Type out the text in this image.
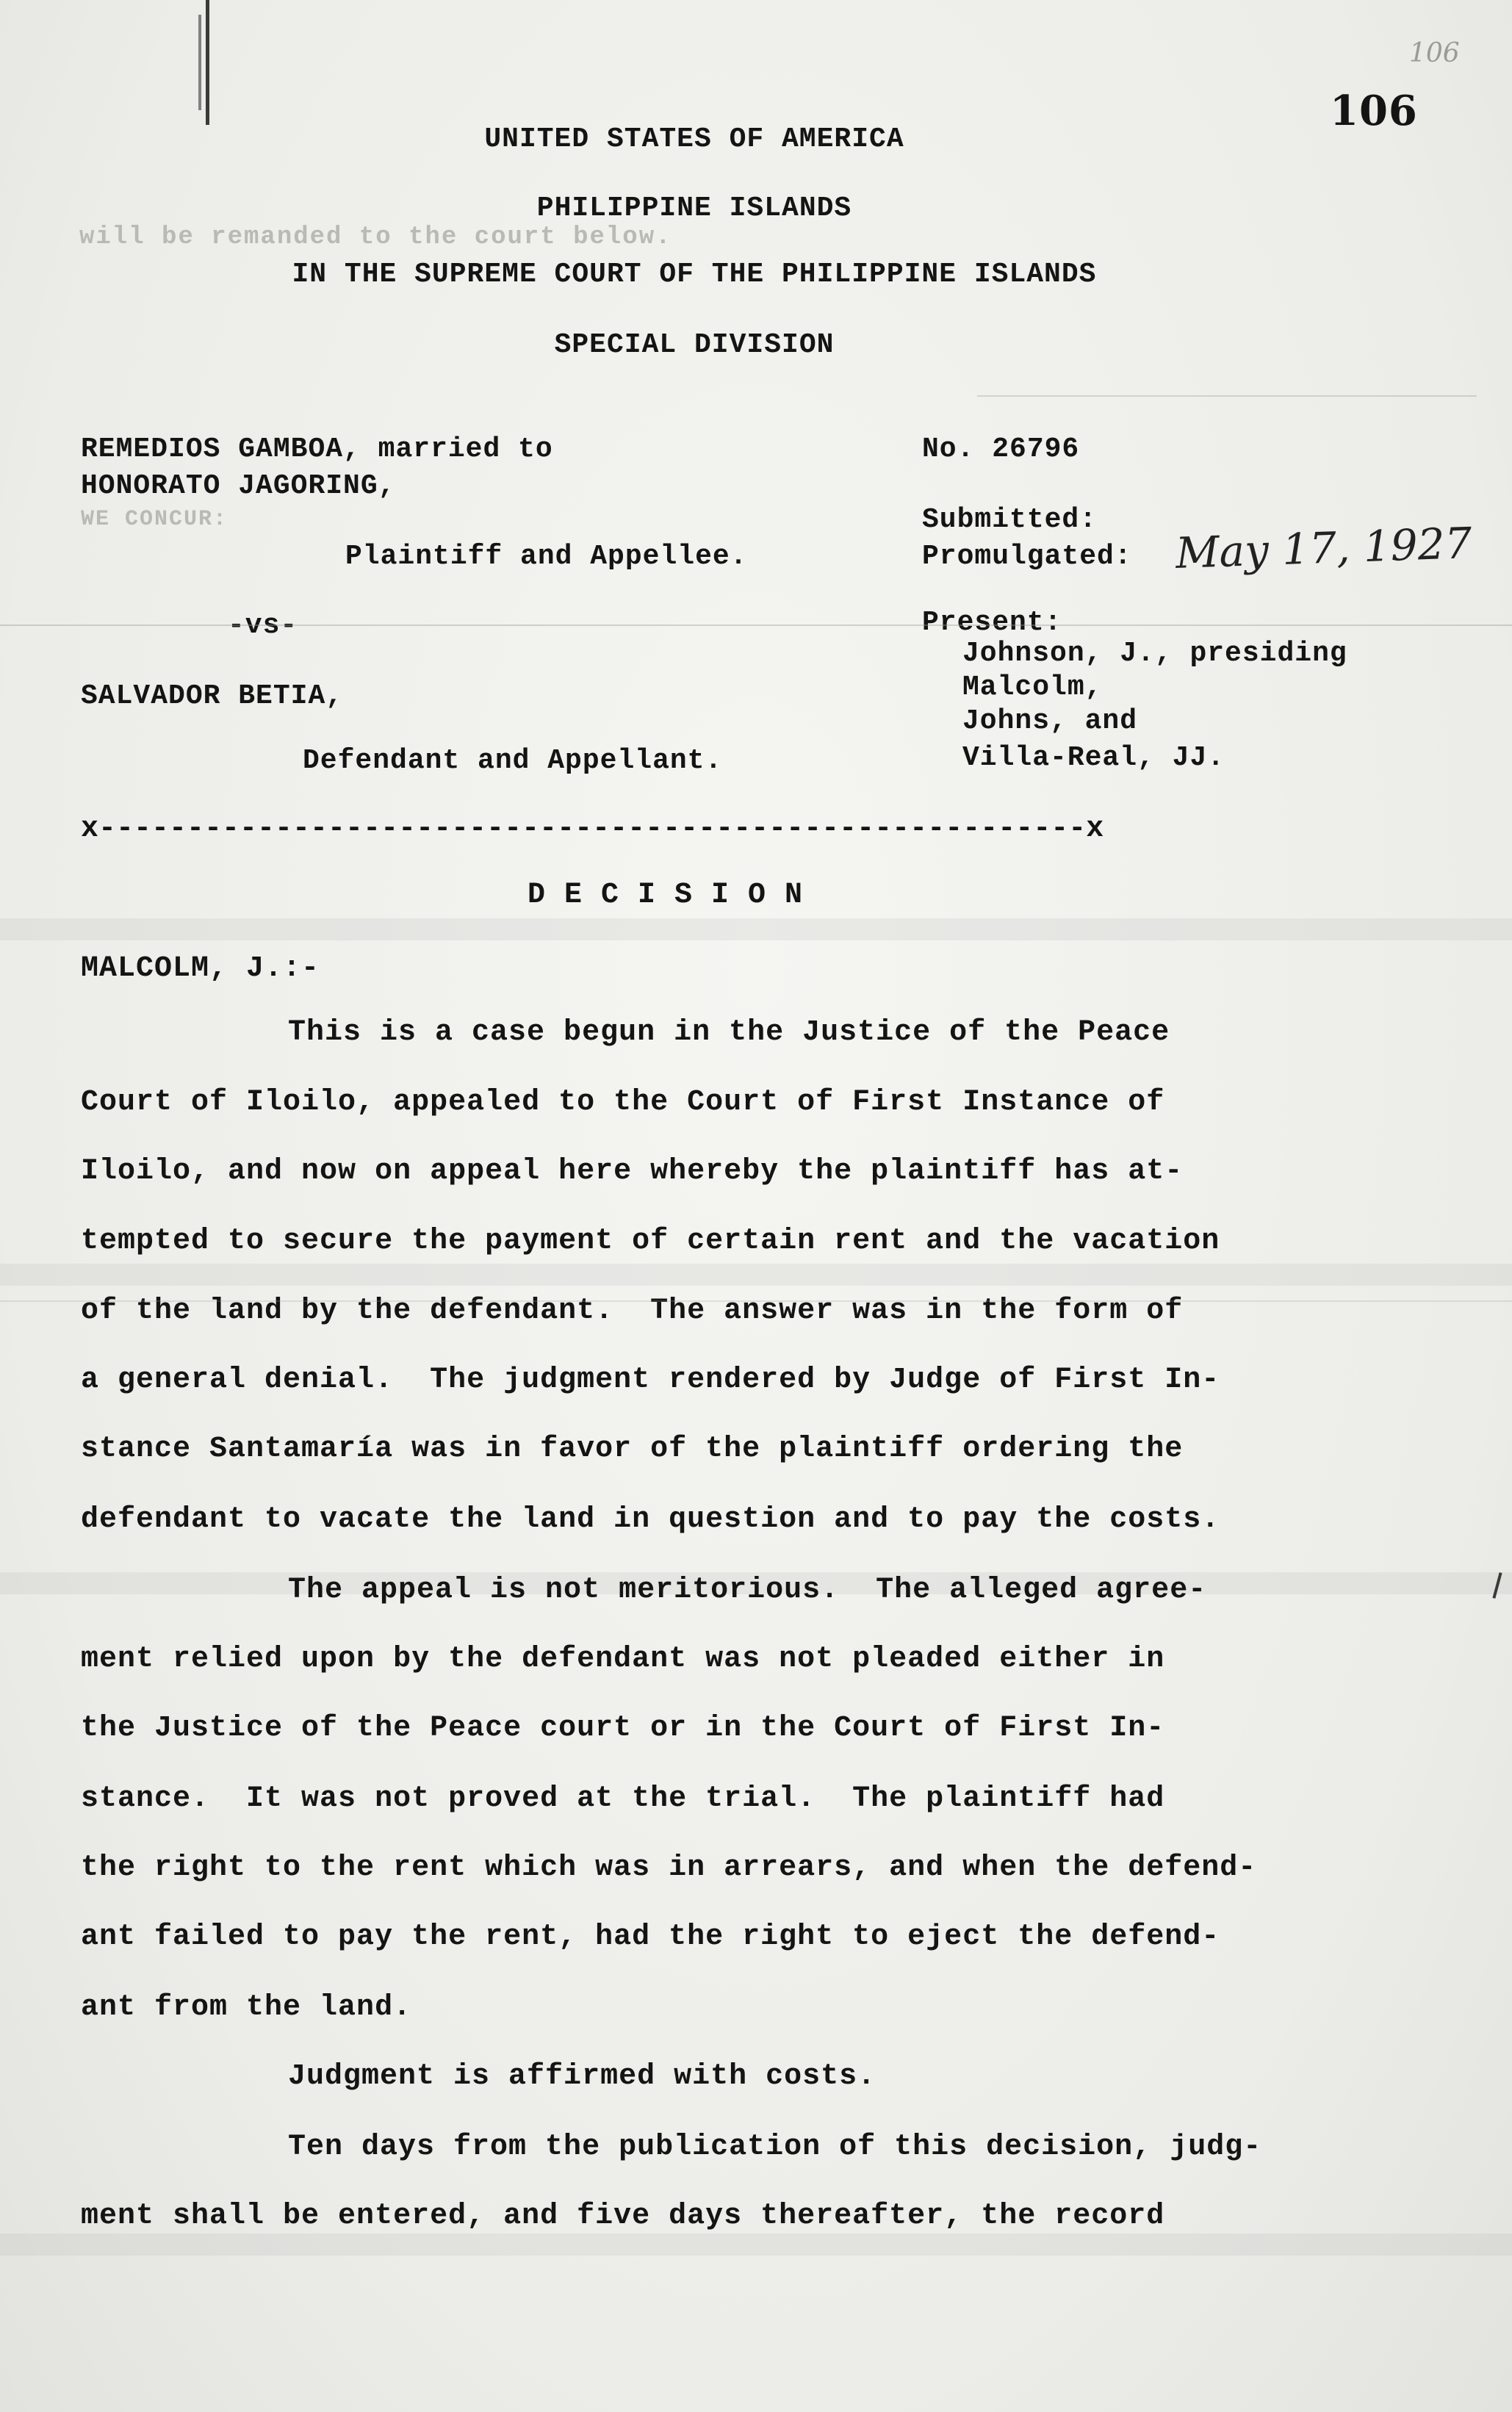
106
106
UNITED STATES OF AMERICA
PHILIPPINE ISLANDS
will be remanded to the court below.
IN THE SUPREME COURT OF THE PHILIPPINE ISLANDS
SPECIAL DIVISION
REMEDIOS GAMBOA, married to
HONORATO JAGORING,
WE CONCUR:
Plaintiff and Appellee.
-vs-
SALVADOR BETIA,
Defendant and Appellant.
No. 26796
Submitted:
Promulgated: May 17, 1927
Present:
Johnson, J., presiding
Malcolm,
Johns, and
Villa-Real, JJ.
x--------------------------------------------------------x
D E C I S I O N
MALCOLM, J.:-
This is a case begun in the Justice of the Peace
Court of Iloilo, appealed to the Court of First Instance of
Iloilo, and now on appeal here whereby the plaintiff has at-
tempted to secure the payment of certain rent and the vacation
of the land by the defendant.  The answer was in the form of
a general denial.  The judgment rendered by Judge of First In-
stance Santamaría was in favor of the plaintiff ordering the
defendant to vacate the land in question and to pay the costs.
The appeal is not meritorious.  The alleged agree-
ment relied upon by the defendant was not pleaded either in
the Justice of the Peace court or in the Court of First In-
stance.  It was not proved at the trial.  The plaintiff had
the right to the rent which was in arrears, and when the defend-
ant failed to pay the rent, had the right to eject the defend-
ant from the land.
Judgment is affirmed with costs.
Ten days from the publication of this decision, judg-
ment shall be entered, and five days thereafter, the record
